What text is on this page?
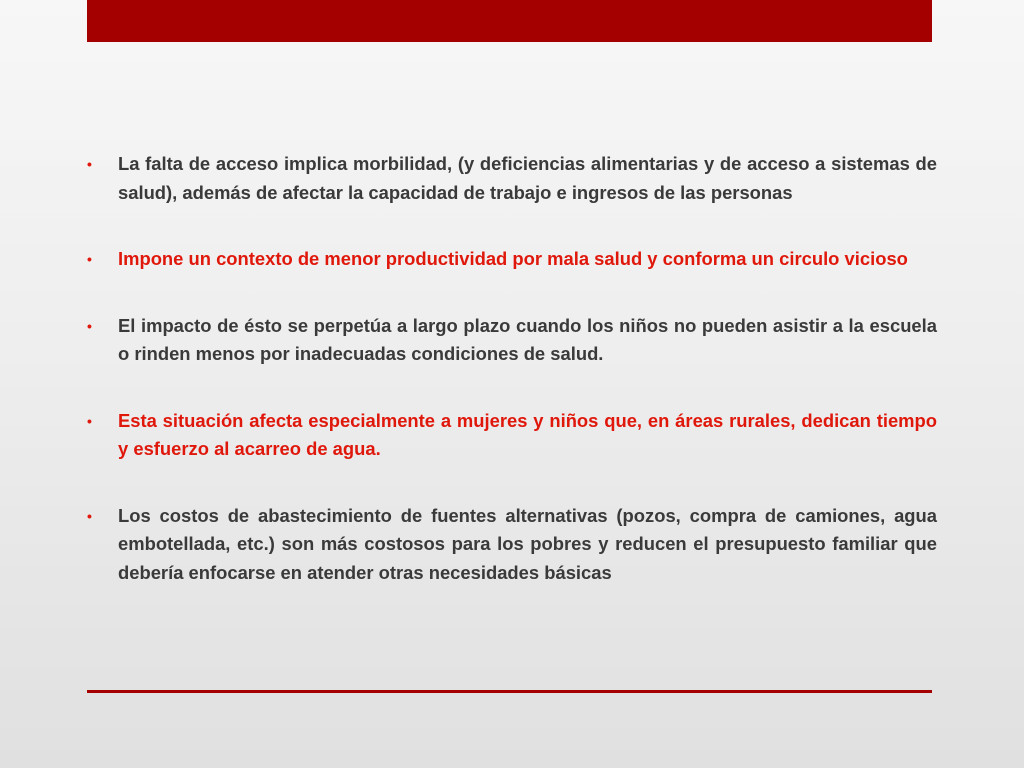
• La falta de acceso implica morbilidad, (y deficiencias alimentarias y de acceso a sistemas de salud), además de afectar la capacidad de trabajo e ingresos de las personas
• Impone un contexto de menor productividad por mala salud y conforma un circulo vicioso
• El impacto de ésto se perpetúa a largo plazo cuando los niños no pueden asistir a la escuela o rinden menos por inadecuadas condiciones de salud.
• Esta situación afecta especialmente a mujeres y niños que, en áreas rurales, dedican tiempo y esfuerzo al acarreo de agua.
• Los costos de abastecimiento de fuentes alternativas (pozos, compra de camiones, agua embotellada, etc.) son más costosos para los pobres y reducen el presupuesto familiar que debería enfocarse en atender otras necesidades básicas
